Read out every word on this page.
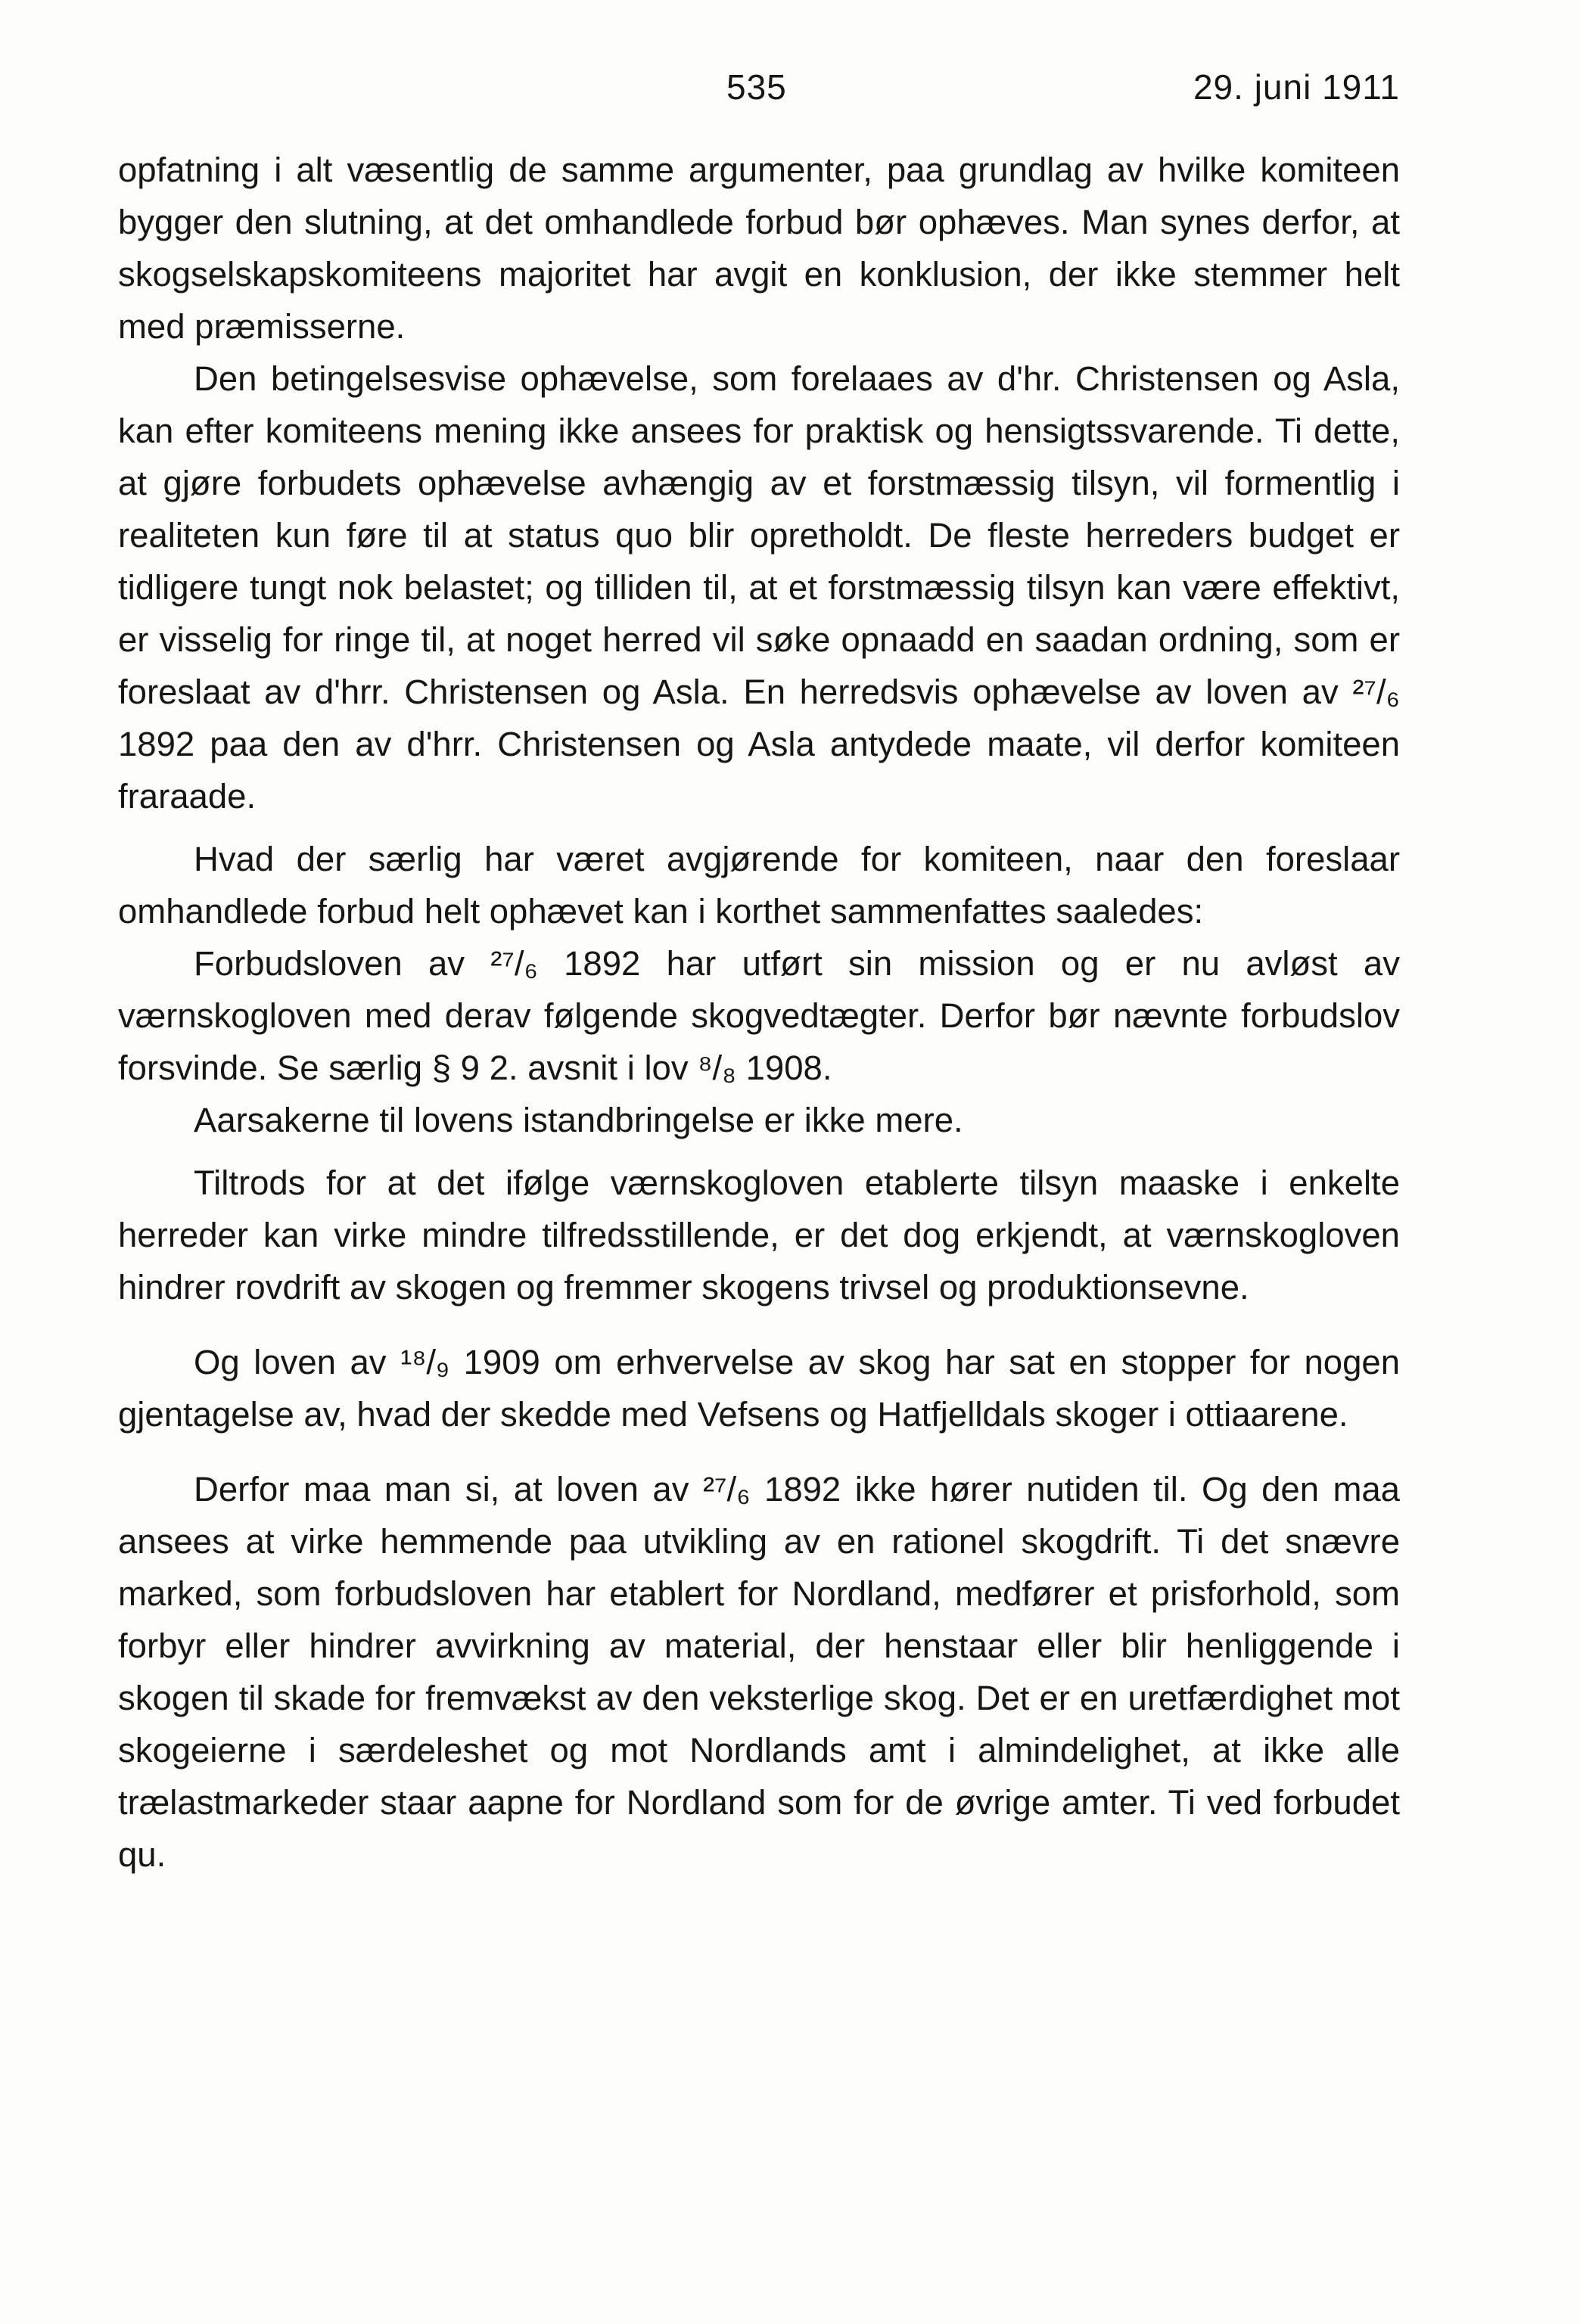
535	29. juni 1911

opfatning i alt væsentlig de samme argumenter, paa grundlag av hvilke komiteen bygger den slutning, at det omhandlede forbud bør ophæves. Man synes derfor, at skogselskapskomiteens majoritet har avgit en konklusion, der ikke stemmer helt med præmisserne.

Den betingelsesvise ophævelse, som forelaaes av d'hr. Christensen og Asla, kan efter komiteens mening ikke ansees for praktisk og hensigtssvarende. Ti dette, at gjøre forbudets ophævelse avhængig av et forstmæssig tilsyn, vil formentlig i realiteten kun føre til at status quo blir opretholdt. De fleste herreders budget er tidligere tungt nok belastet; og tilliden til, at et forstmæssig tilsyn kan være effektivt, er visselig for ringe til, at noget herred vil søke opnaadd en saadan ordning, som er foreslaat av d'hrr. Christensen og Asla. En herredsvis ophævelse av loven av ²⁷/₆ 1892 paa den av d'hrr. Christensen og Asla antydede maate, vil derfor komiteen fraraade.

Hvad der særlig har været avgjørende for komiteen, naar den foreslaar omhandlede forbud helt ophævet kan i korthet sammenfattes saaledes:

Forbudsloven av ²⁷/₆ 1892 har utført sin mission og er nu avløst av værnskogloven med derav følgende skogvedtægter. Derfor bør nævnte forbudslov forsvinde. Se særlig § 9 2. avsnit i lov ⁸/₈ 1908.

Aarsakerne til lovens istandbringelse er ikke mere.

Tiltrods for at det ifølge værnskogloven etablerte tilsyn maaske i enkelte herreder kan virke mindre tilfredsstillende, er det dog erkjendt, at værnskogloven hindrer rovdrift av skogen og fremmer skogens trivsel og produktionsevne.

Og loven av ¹⁸/₉ 1909 om erhvervelse av skog har sat en stopper for nogen gjentagelse av, hvad der skedde med Vefsens og Hatfjelldals skoger i ottiaarene.

Derfor maa man si, at loven av ²⁷/₆ 1892 ikke hører nutiden til. Og den maa ansees at virke hemmende paa utvikling av en rationel skogdrift. Ti det snævre marked, som forbudsloven har etablert for Nordland, medfører et prisforhold, som forbyr eller hindrer avvirkning av material, der henstaar eller blir henliggende i skogen til skade for fremvækst av den veksterlige skog. Det er en uretfærdighet mot skogeierne i særdeleshet og mot Nordlands amt i almindelighet, at ikke alle trælastmarkeder staar aapne for Nordland som for de øvrige amter. Ti ved forbudet qu.
